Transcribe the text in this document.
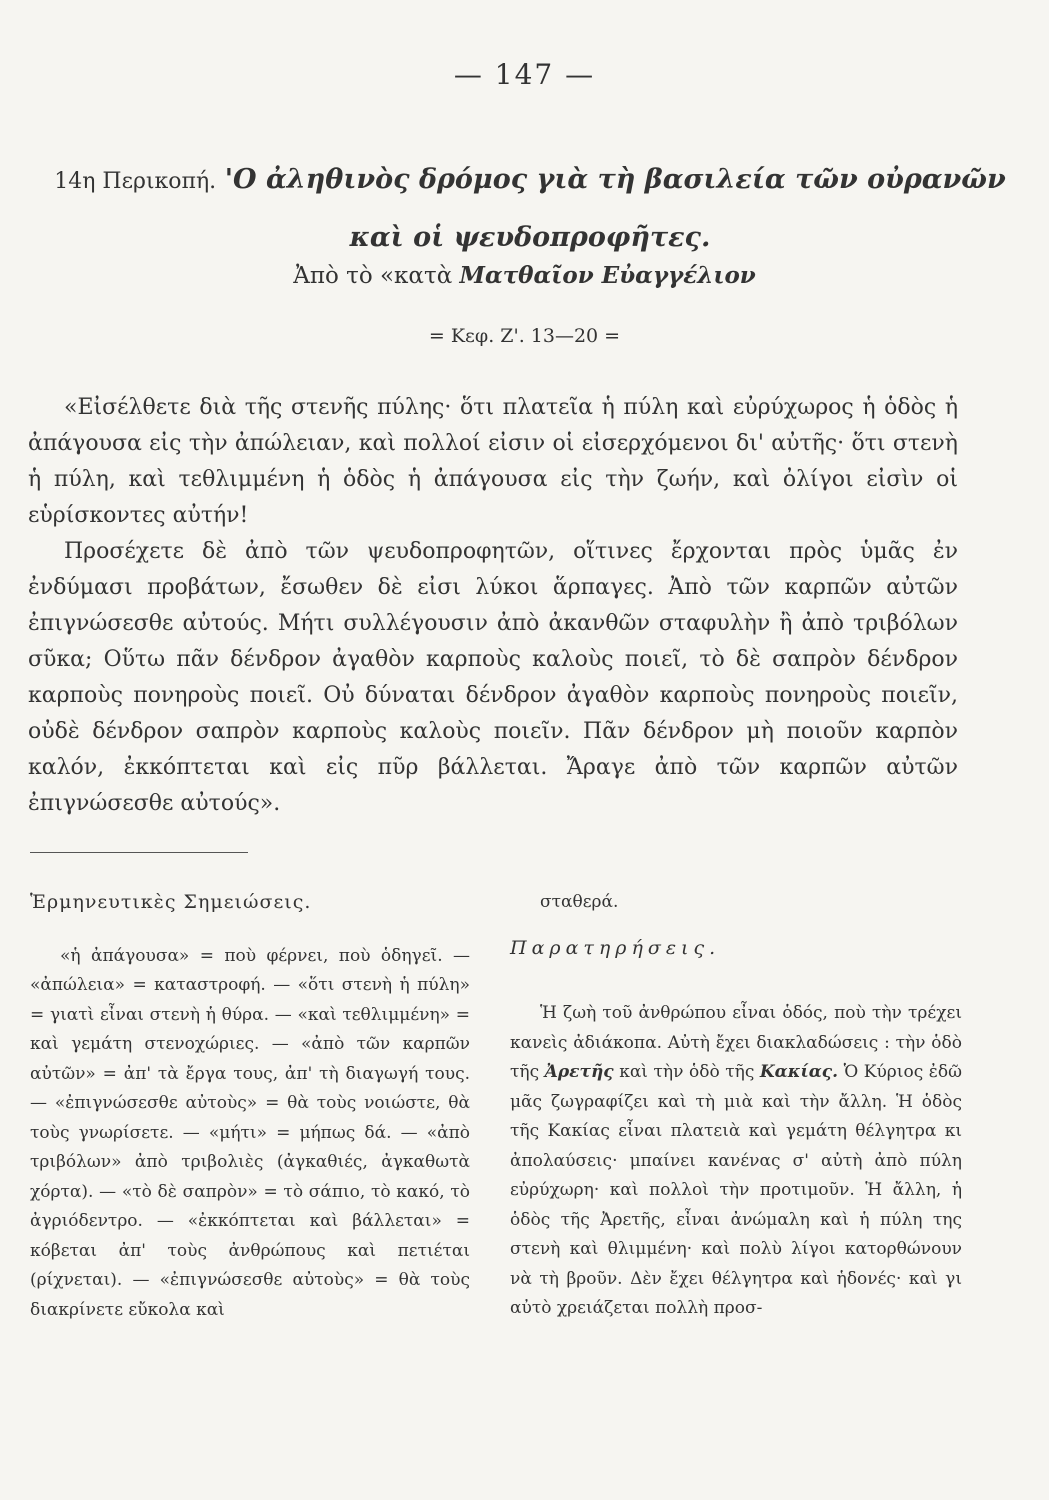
— 147 —
14η Περικοπή. 'Ο ἀληθινὸς δρόμος γιὰ τὴ βασιλεία τῶν οὐρανῶν καὶ οἱ ψευδοπροφῆτες.
Ἀπὸ τὸ «κατὰ Ματθαῖον Εὐαγγέλιον
= Κεφ. Ζ'. 13—20 =

«Εἰσέλθετε διὰ τῆς στενῆς πύλης· ὅτι πλατεῖα ἡ πύλη καὶ εὐρύχωρος ἡ ὁδὸς ἡ ἀπάγουσα εἰς τὴν ἀπώλειαν, καὶ πολλοί εἰσιν οἱ εἰσερχόμενοι δι' αὐτῆς· ὅτι στενὴ ἡ πύλη, καὶ τεθλιμμένη ἡ ὁδὸς ἡ ἀπάγουσα εἰς τὴν ζωήν, καὶ ὀλίγοι εἰσὶν οἱ εὑρίσκοντες αὐτήν!

Προσέχετε δὲ ἀπὸ τῶν ψευδοπροφητῶν, οἵτινες ἔρχονται πρὸς ὑμᾶς ἐν ἐνδύμασι προβάτων, ἔσωθεν δὲ εἰσι λύκοι ἅρπαγες. Ἀπὸ τῶν καρπῶν αὐτῶν ἐπιγνώσεσθε αὐτούς. Μήτι συλλέγουσιν ἀπὸ ἀκανθῶν σταφυλὴν ἢ ἀπὸ τριβόλων σῦκα; Οὕτω πᾶν δένδρον ἀγαθὸν καρποὺς καλοὺς ποιεῖ, τὸ δὲ σαπρὸν δένδρον καρποὺς πονηροὺς ποιεῖ. Οὐ δύναται δένδρον ἀγαθὸν καρποὺς πονηροὺς ποιεῖν, οὐδὲ δένδρον σαπρὸν καρποὺς καλοὺς ποιεῖν. Πᾶν δένδρον μὴ ποιοῦν καρπὸν καλόν, ἐκκόπτεται καὶ εἰς πῦρ βάλλεται. Ἄραγε ἀπὸ τῶν καρπῶν αὐτῶν ἐπιγνώσεσθε αὐτούς».

Ἑρμηνευτικὲς Σημειώσεις.

«ἡ ἀπάγουσα» = ποὺ φέρνει, ποὺ ὁδηγεῖ. — «ἀπώλεια» = καταστροφή. — «ὅτι στενὴ ἡ πύλη» = γιατὶ εἶναι στενὴ ἡ θύρα. — «καὶ τεθλιμμένη» = καὶ γεμάτη στενοχώριες. — «ἀπὸ τῶν καρπῶν αὐτῶν» = ἀπ' τὰ ἔργα τους, ἀπ' τὴ διαγωγή τους. — «ἐπιγνώσεσθε αὐτοὺς» = θὰ τοὺς νοιώστε, θὰ τοὺς γνωρίσετε. — «μήτι» = μήπως δά. — «ἀπὸ τριβόλων» ἀπὸ τριβολιὲς (ἀγκαθιές, ἀγκαθωτὰ χόρτα). — «τὸ δὲ σαπρὸν» = τὸ σάπιο, τὸ κακό, τὸ ἀγριόδεντρο. — «ἐκκόπτεται καὶ βάλλεται» = κόβεται ἀπ' τοὺς ἀνθρώπους καὶ πετιέται (ρίχνεται). — «ἐπιγνώσεσθε αὐτοὺς» = θὰ τοὺς διακρίνετε εὔκολα καὶ

σταθερά.

Παρατηρήσεις.

Ἡ ζωὴ τοῦ ἀνθρώπου εἶναι ὁδός, ποὺ τὴν τρέχει κανεὶς ἀδιάκοπα. Αὐτὴ ἔχει διακλαδώσεις : τὴν ὁδὸ τῆς Ἀρετῆς καὶ τὴν ὁδὸ τῆς Κακίας. Ὁ Κύριος ἐδῶ μᾶς ζωγραφίζει καὶ τὴ μιὰ καὶ τὴν ἄλλη. Ἡ ὁδὸς τῆς Κακίας εἶναι πλατειὰ καὶ γεμάτη θέλγητρα κι ἀπολαύσεις· μπαίνει κανένας σ' αὐτὴ ἀπὸ πύλη εὐρύχωρη· καὶ πολλοὶ τὴν προτιμοῦν. Ἡ ἄλλη, ἡ ὁδὸς τῆς Ἀρετῆς, εἶναι ἀνώμαλη καὶ ἡ πύλη της στενὴ καὶ θλιμμένη· καὶ πολὺ λίγοι κατορθώνουν νὰ τὴ βροῦν. Δὲν ἔχει θέλγητρα καὶ ἡδονές· καὶ γι αὐτὸ χρειάζεται πολλὴ προσ-
